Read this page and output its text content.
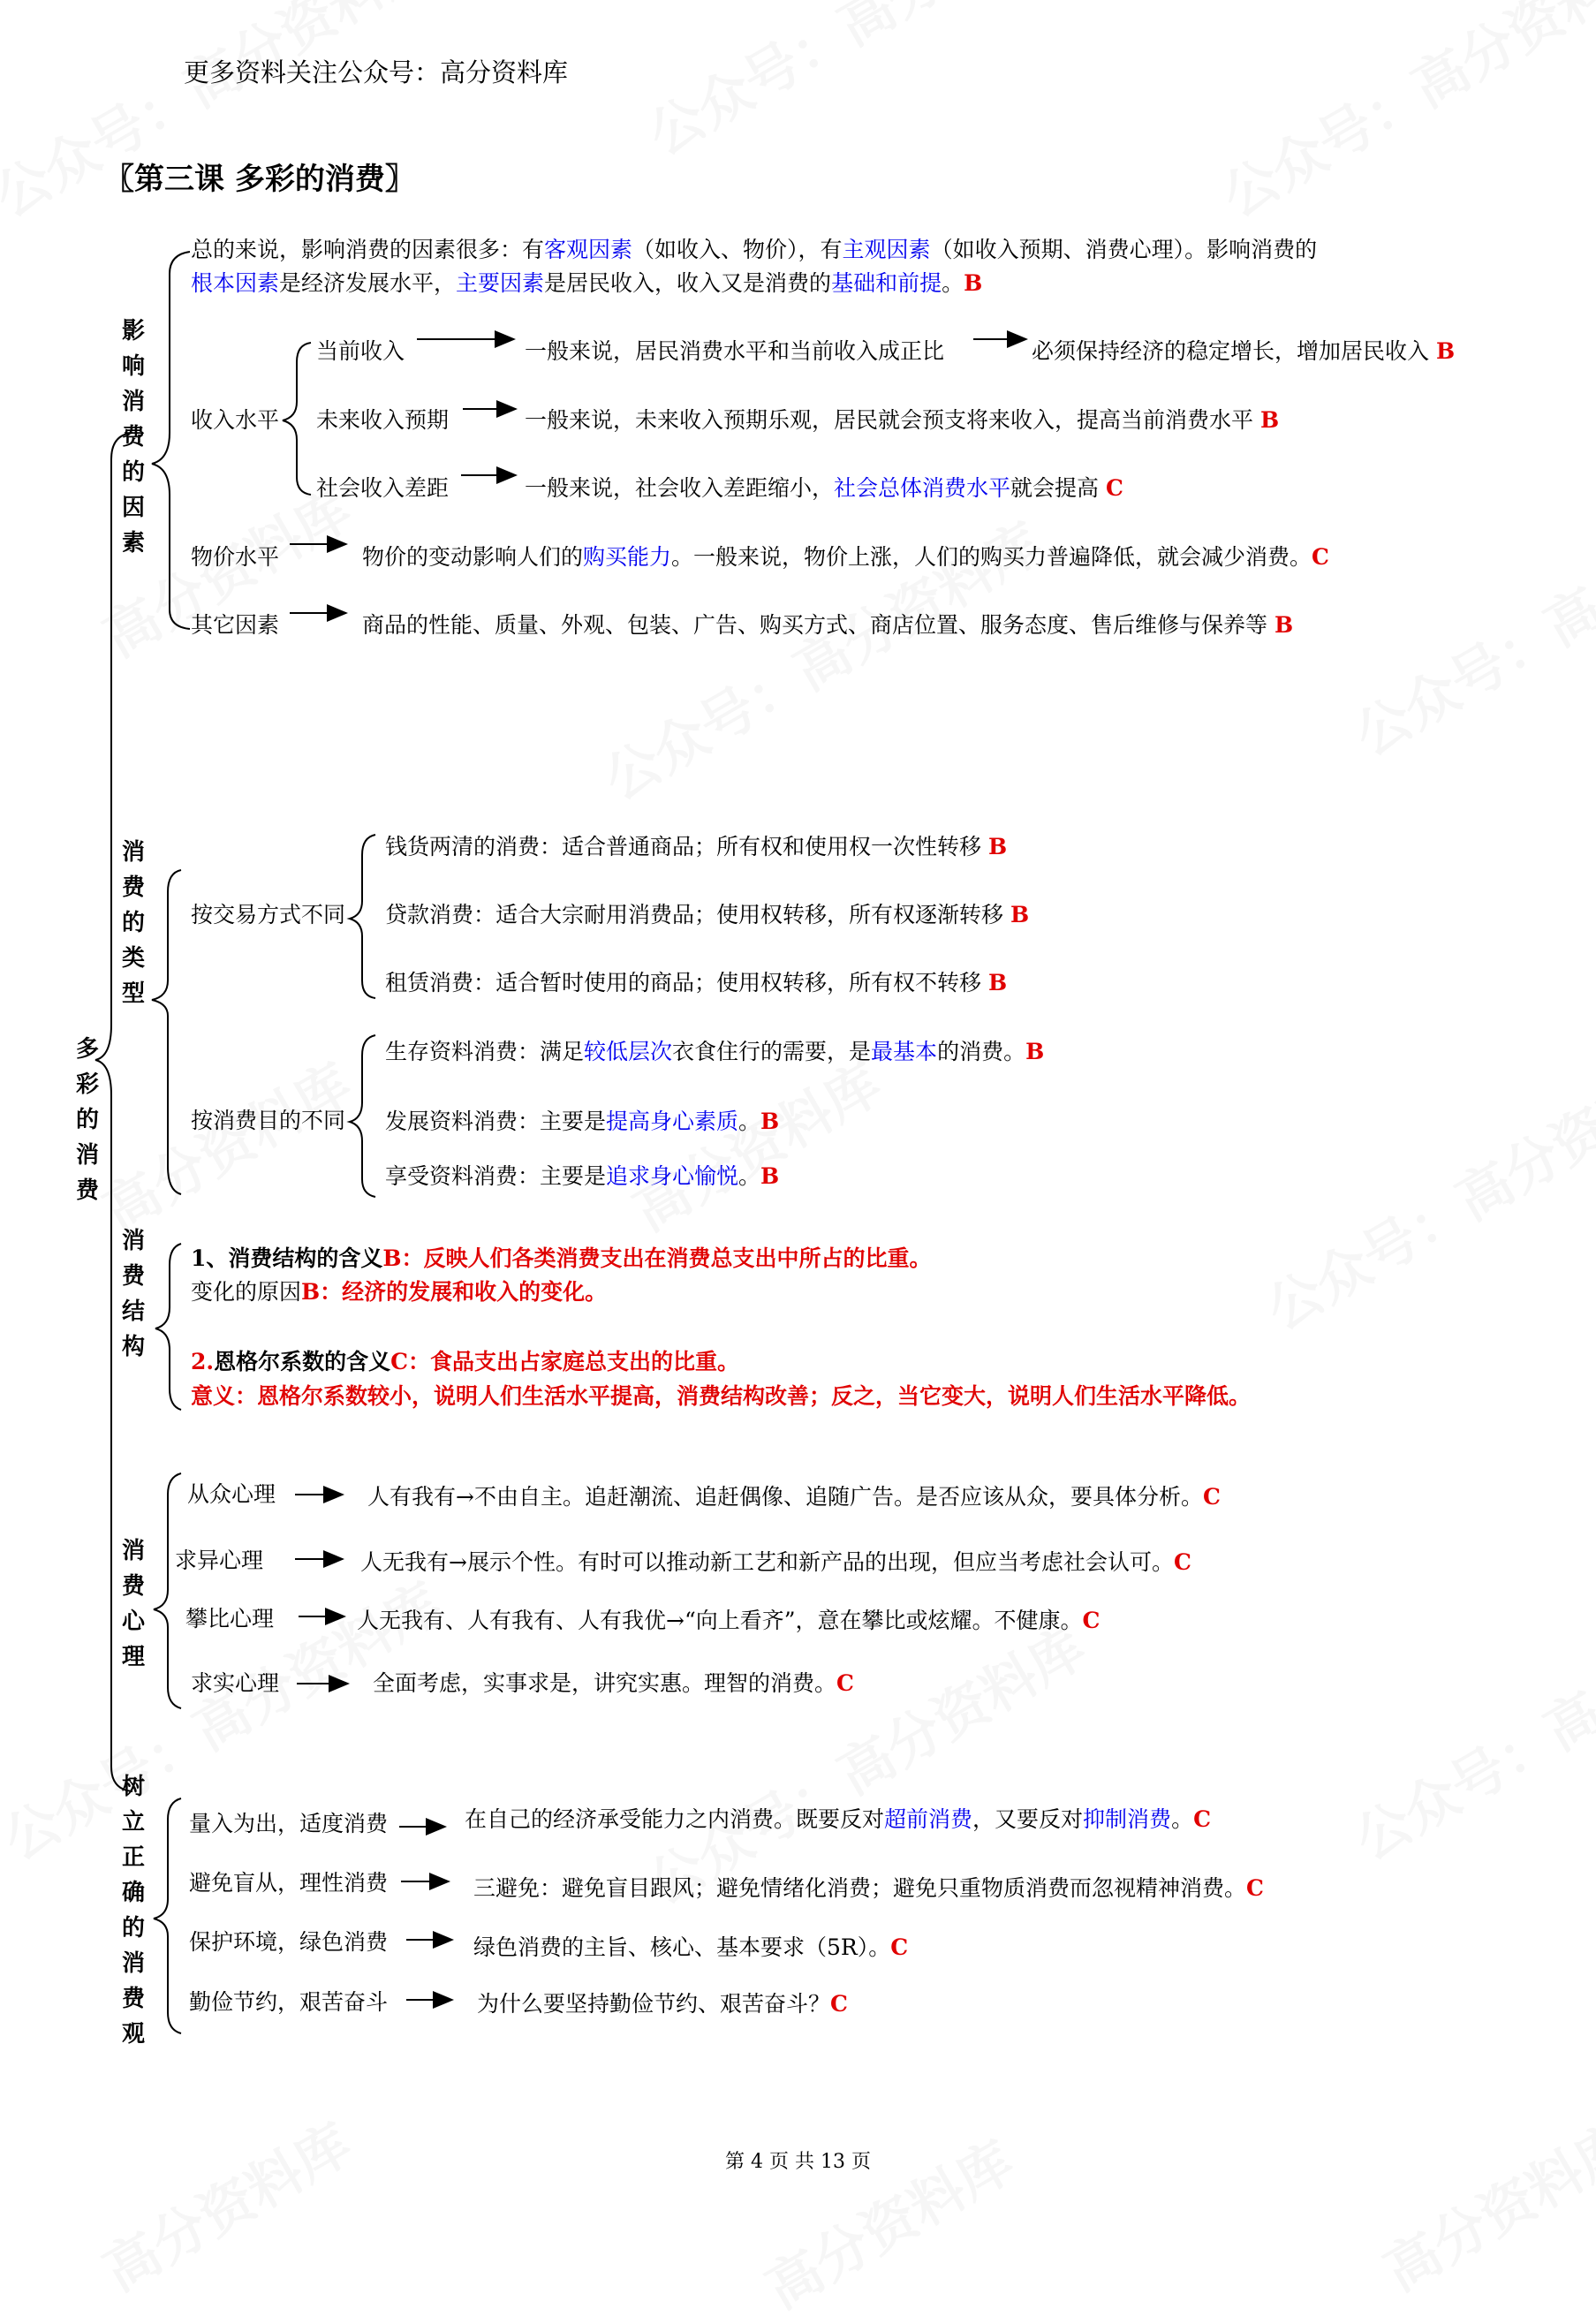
更多资料关注公众号：高分资料库
〖第三课 多彩的消费〗
多彩的消费
影响消费的因素
总的来说，影响消费的因素很多：有客观因素（如收入、物价），有主观因素（如收入预期、消费心理）。影响消费的
根本因素是经济发展水平，主要因素是居民收入，收入又是消费的基础和前提。B
收入水平
当前收入	一般来说，居民消费水平和当前收入成正比	必须保持经济的稳定增长，增加居民收入 B
未来收入预期	一般来说，未来收入预期乐观，居民就会预支将来收入，提高当前消费水平 B
社会收入差距	一般来说，社会收入差距缩小，社会总体消费水平就会提高 C
物价水平	物价的变动影响人们的购买能力。一般来说，物价上涨，人们的购买力普遍降低，就会减少消费。C
其它因素	商品的性能、质量、外观、包装、广告、购买方式、商店位置、服务态度、售后维修与保养等 B
消费的类型
按交易方式不同
钱货两清的消费：适合普通商品；所有权和使用权一次性转移 B
贷款消费：适合大宗耐用消费品；使用权转移，所有权逐渐转移 B
租赁消费：适合暂时使用的商品；使用权转移，所有权不转移 B
按消费目的不同
生存资料消费：满足较低层次衣食住行的需要，是最基本的消费。B
发展资料消费：主要是提高身心素质。B
享受资料消费：主要是追求身心愉悦。B
消费结构
1、消费结构的含义B：反映人们各类消费支出在消费总支出中所占的比重。
变化的原因B：经济的发展和收入的变化。
2.恩格尔系数的含义C：食品支出占家庭总支出的比重。
意义：恩格尔系数较小，说明人们生活水平提高，消费结构改善；反之，当它变大，说明人们生活水平降低。
消费心理
从众心理	人有我有→不由自主。追赶潮流、追赶偶像、追随广告。是否应该从众，要具体分析。C
求异心理	人无我有→展示个性。有时可以推动新工艺和新产品的出现，但应当考虑社会认可。C
攀比心理	人无我有、人有我有、人有我优→“向上看齐”，意在攀比或炫耀。不健康。C
求实心理	全面考虑，实事求是，讲究实惠。理智的消费。C
树立正确的消费观
量入为出，适度消费	在自己的经济承受能力之内消费。既要反对超前消费，又要反对抑制消费。C
避免盲从，理性消费	三避免：避免盲目跟风；避免情绪化消费；避免只重物质消费而忽视精神消费。C
保护环境，绿色消费	绿色消费的主旨、核心、基本要求（5R）。C
勤俭节约，艰苦奋斗	为什么要坚持勤俭节约、艰苦奋斗？C
第 4 页 共 13 页
